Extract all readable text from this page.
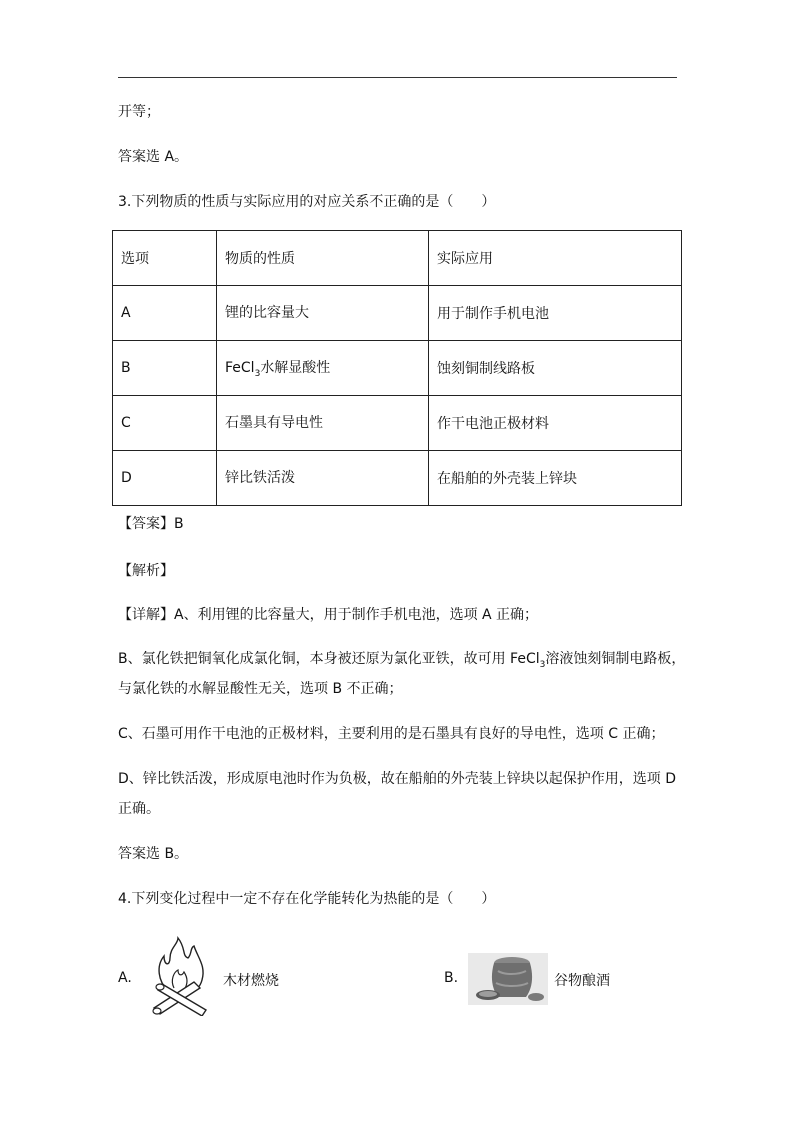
开等；
答案选 A。
3.下列物质的性质与实际应用的对应关系不正确的是（　　）
选项	物质的性质	实际应用
A	锂的比容量大	用于制作手机电池
B	FeCl$_3$水解显酸性	蚀刻铜制线路板
C	石墨具有导电性	作干电池正极材料
D	锌比铁活泼	在船舶的外壳装上锌块
【答案】B
【解析】
【详解】A、利用锂的比容量大，用于制作手机电池，选项 A 正确；
B、氯化铁把铜氧化成氯化铜，本身被还原为氯化亚铁，故可用 FeCl$_3$溶液蚀刻铜制电路板，
与氯化铁的水解显酸性无关，选项 B 不正确；
C、石墨可用作干电池的正极材料，主要利用的是石墨具有良好的导电性，选项 C 正确；
D、锌比铁活泼，形成原电池时作为负极，故在船舶的外壳装上锌块以起保护作用，选项 D
正确。
答案选 B。
4.下列变化过程中一定不存在化学能转化为热能的是（　　）
A.	木材燃烧	B.	谷物酿酒
